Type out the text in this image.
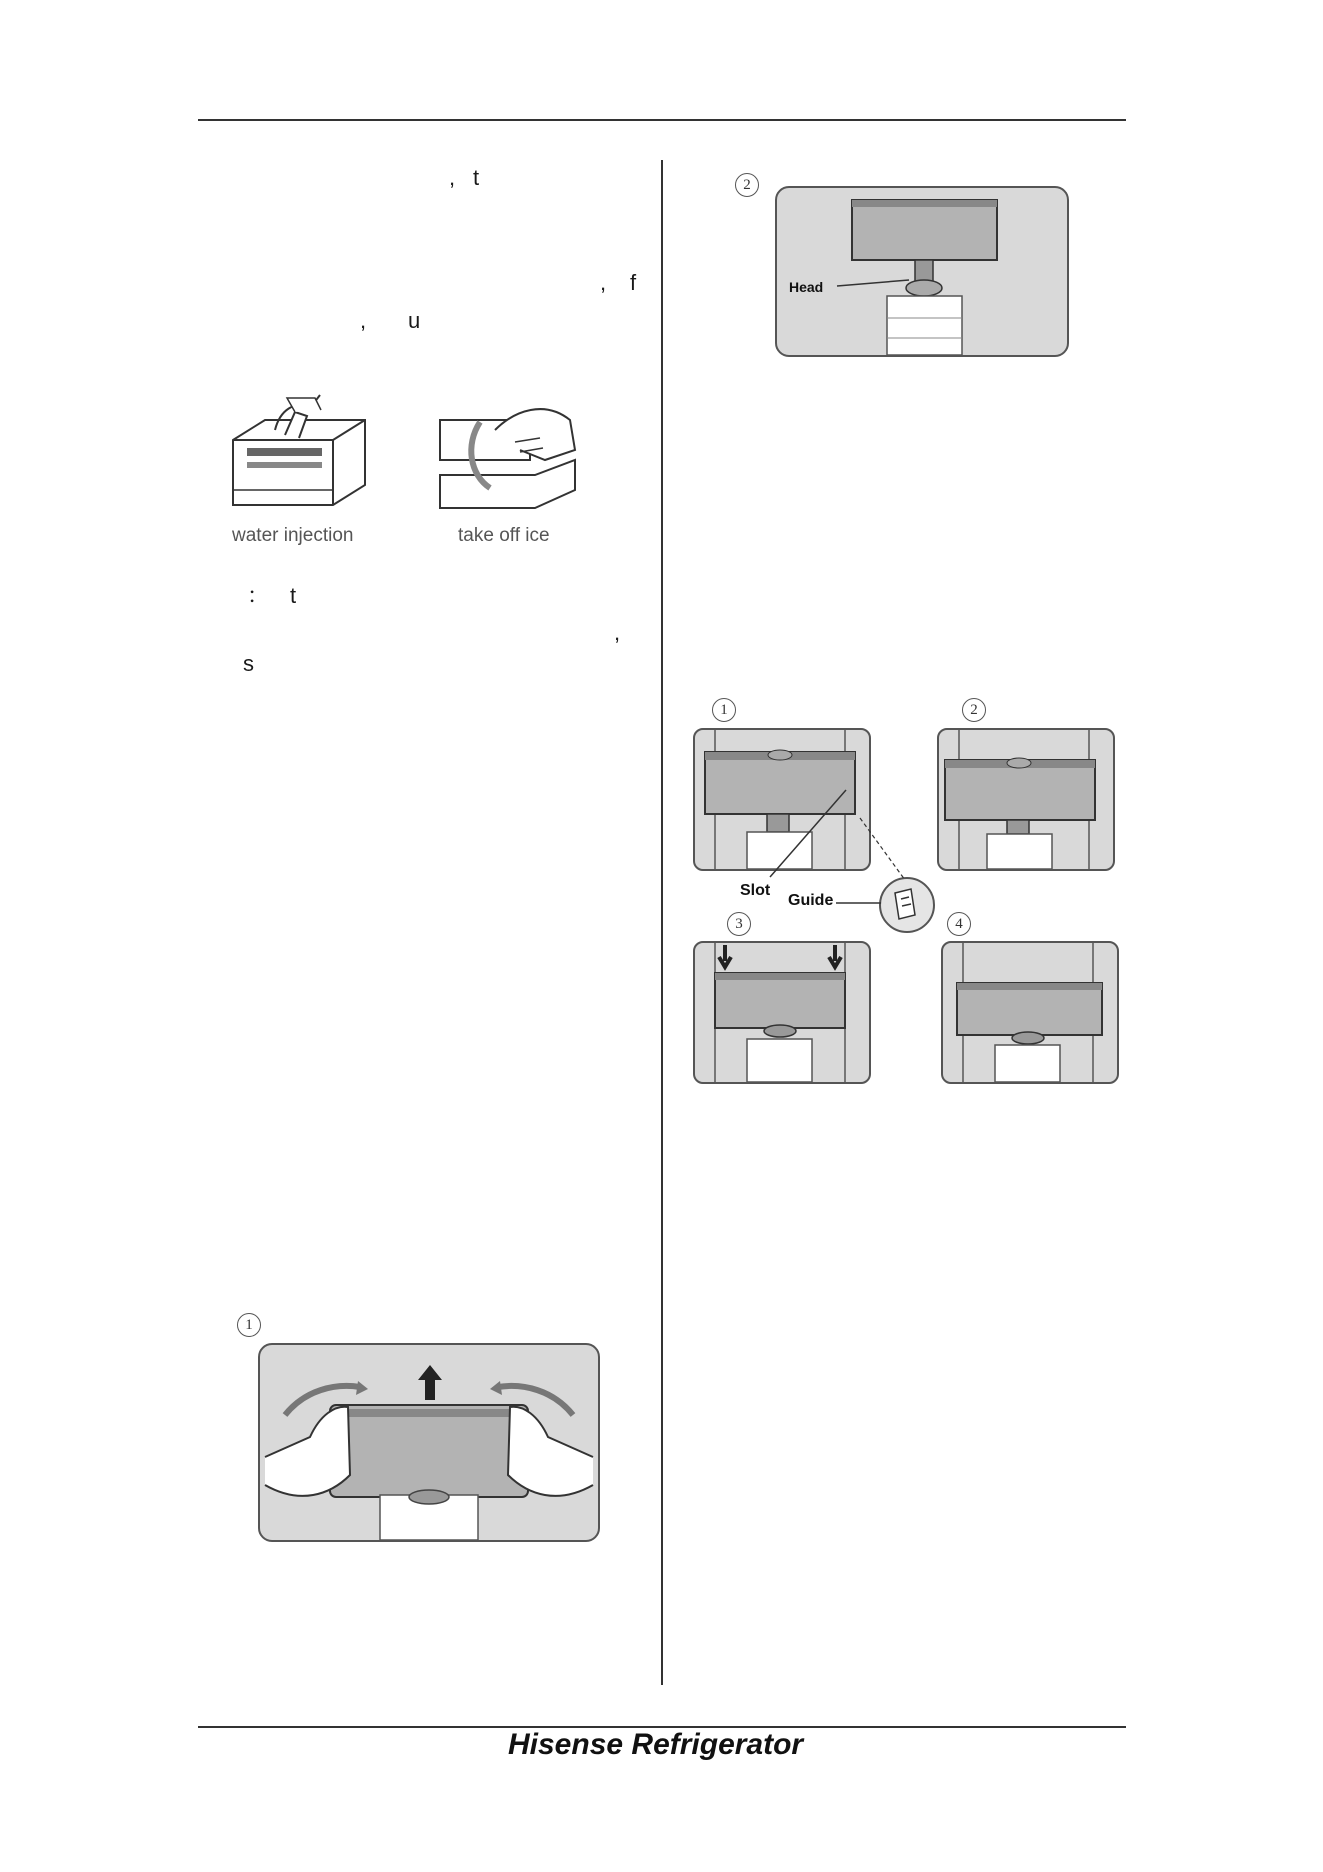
, t
, f
, u
： t
,
s
water injection	take off ice
1
2
Head
1	2
3	4
Slot
Guide
Hisense Refrigerator
